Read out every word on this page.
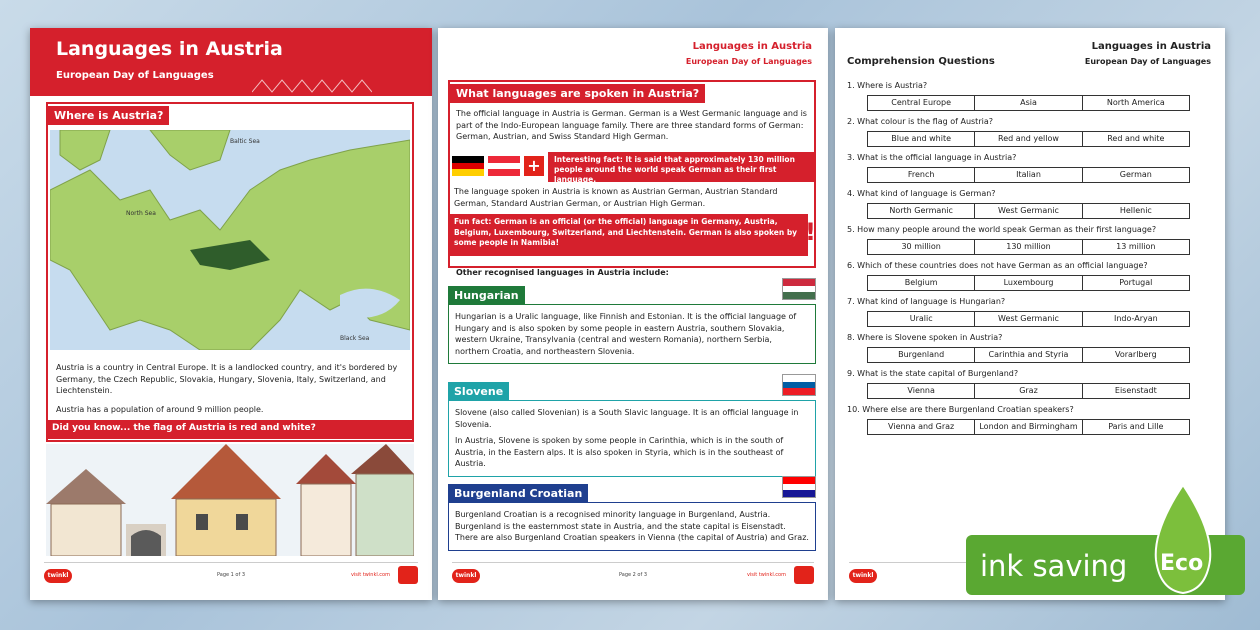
Languages in Austria
European Day of Languages
Where is Austria?
Baltic Sea
North Sea
Black Sea
Austria is a country in Central Europe. It is a landlocked country, and it's bordered by Germany, the Czech Republic, Slovakia, Hungary, Slovenia, Italy, Switzerland, and Liechtenstein.
Austria has a population of around 9 million people.
Did you know... the flag of Austria is red and white?	?
twinkl	Page 1 of 3	visit twinkl.com
Languages in Austria
European Day of Languages
What languages are spoken in Austria?
The official language in Austria is German. German is a West Germanic language and is part of the Indo-European language family. There are three standard forms of German: German, Austrian, and Swiss Standard High German.
+	Interesting fact: It is said that approximately 130 million people around the world speak German as their first language.
The language spoken in Austria is known as Austrian German, Austrian Standard German, Standard Austrian German, or Austrian High German.
Fun fact: German is an official (or the official) language in Germany, Austria, Belgium, Luxembourg, Switzerland, and Liechtenstein. German is also spoken by some people in Namibia!	!
Other recognised languages in Austria include:
Hungarian
Hungarian is a Uralic language, like Finnish and Estonian. It is the official language of Hungary and is also spoken by some people in eastern Austria, southern Slovakia, western Ukraine, Transylvania (central and western Romania), northern Serbia, northern Croatia, and northeastern Slovenia.
Slovene
Slovene (also called Slovenian) is a South Slavic language. It is an official language in Slovenia.
In Austria, Slovene is spoken by some people in Carinthia, which is in the south of Austria, in the Eastern alps. It is also spoken in Styria, which is in the southeast of Austria.
Burgenland Croatian
Burgenland Croatian is a recognised minority language in Burgenland, Austria. Burgenland is the easternmost state in Austria, and the state capital is Eisenstadt. There are also Burgenland Croatian speakers in Vienna (the capital of Austria) and Graz.
twinkl	Page 2 of 3	visit twinkl.com
Comprehension Questions
Languages in Austria
European Day of Languages
1. Where is Austria?
Central Europe	Asia	North America
2. What colour is the flag of Austria?
Blue and white	Red and yellow	Red and white
3. What is the official language in Austria?
French	Italian	German
4. What kind of language is German?
North Germanic	West Germanic	Hellenic
5. How many people around the world speak German as their first language?
30 million	130 million	13 million
6. Which of these countries does not have German as an official language?
Belgium	Luxembourg	Portugal
7. What kind of language is Hungarian?
Uralic	West Germanic	Indo-Aryan
8. Where is Slovene spoken in Austria?
Burgenland	Carinthia and Styria	Vorarlberg
9. What is the state capital of Burgenland?
Vienna	Graz	Eisenstadt
10. Where else are there Burgenland Croatian speakers?
Vienna and Graz	London and Birmingham	Paris and Lille
twinkl	ink saving Eco
